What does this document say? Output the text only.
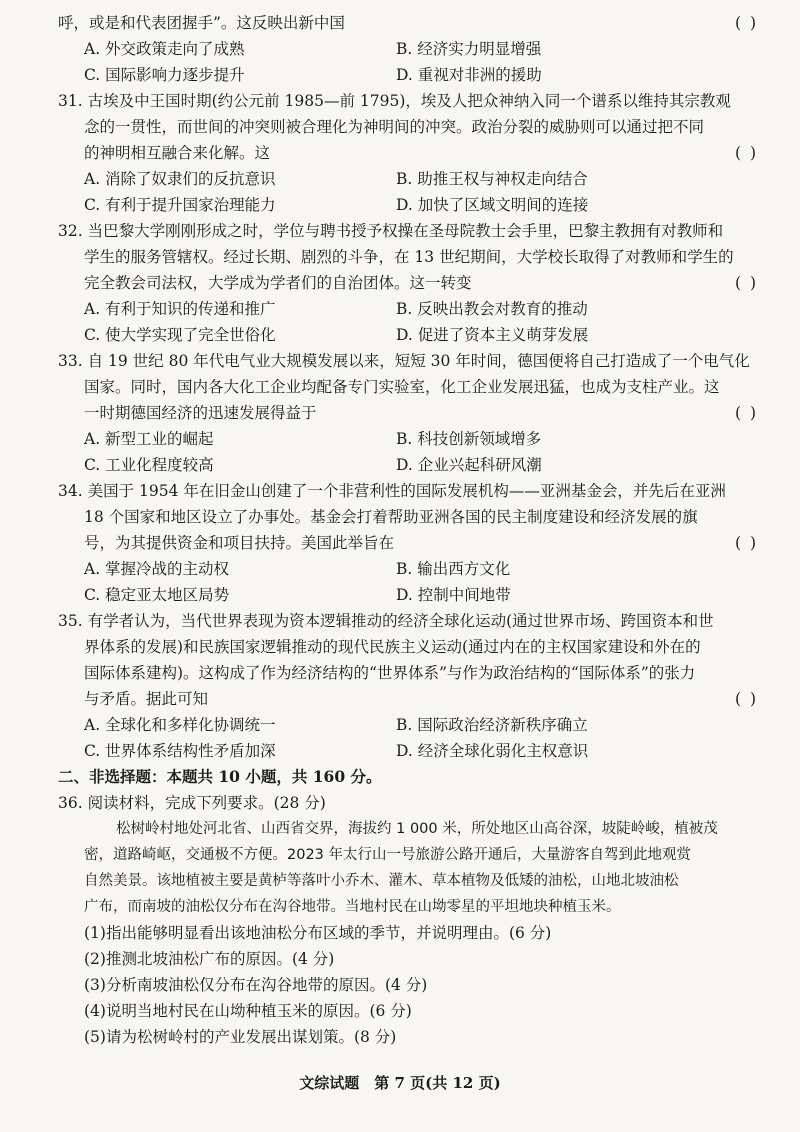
呼，或是和代表团握手”。这反映出新中国	( )
A. 外交政策走向了成熟	B. 经济实力明显增强
C. 国际影响力逐步提升	D. 重视对非洲的援助
31. 古埃及中王国时期(约公元前 1985—前 1795)，埃及人把众神纳入同一个谱系以维持其宗教观
念的一贯性，而世间的冲突则被合理化为神明间的冲突。政治分裂的威胁则可以通过把不同
的神明相互融合来化解。这	( )
A. 消除了奴隶们的反抗意识	B. 助推王权与神权走向结合
C. 有利于提升国家治理能力	D. 加快了区域文明间的连接
32. 当巴黎大学刚刚形成之时，学位与聘书授予权操在圣母院教士会手里，巴黎主教拥有对教师和
学生的服务管辖权。经过长期、剧烈的斗争，在 13 世纪期间，大学校长取得了对教师和学生的
完全教会司法权，大学成为学者们的自治团体。这一转变	( )
A. 有利于知识的传递和推广	B. 反映出教会对教育的推动
C. 使大学实现了完全世俗化	D. 促进了资本主义萌芽发展
33. 自 19 世纪 80 年代电气业大规模发展以来，短短 30 年时间，德国便将自己打造成了一个电气化
国家。同时，国内各大化工企业均配备专门实验室，化工企业发展迅猛，也成为支柱产业。这
一时期德国经济的迅速发展得益于	( )
A. 新型工业的崛起	B. 科技创新领域增多
C. 工业化程度较高	D. 企业兴起科研风潮
34. 美国于 1954 年在旧金山创建了一个非营利性的国际发展机构——亚洲基金会，并先后在亚洲
18 个国家和地区设立了办事处。基金会打着帮助亚洲各国的民主制度建设和经济发展的旗
号，为其提供资金和项目扶持。美国此举旨在	( )
A. 掌握冷战的主动权	B. 输出西方文化
C. 稳定亚太地区局势	D. 控制中间地带
35. 有学者认为，当代世界表现为资本逻辑推动的经济全球化运动(通过世界市场、跨国资本和世
界体系的发展)和民族国家逻辑推动的现代民族主义运动(通过内在的主权国家建设和外在的
国际体系建构)。这构成了作为经济结构的“世界体系”与作为政治结构的“国际体系”的张力
与矛盾。据此可知	( )
A. 全球化和多样化协调统一	B. 国际政治经济新秩序确立
C. 世界体系结构性矛盾加深	D. 经济全球化弱化主权意识
二、非选择题：本题共 10 小题，共 160 分。
36. 阅读材料，完成下列要求。(28 分)
松树岭村地处河北省、山西省交界，海拔约 1 000 米，所处地区山高谷深，坡陡岭峻，植被茂
密，道路崎岖，交通极不方便。2023 年太行山一号旅游公路开通后，大量游客自驾到此地观赏
自然美景。该地植被主要是黄栌等落叶小乔木、灌木、草本植物及低矮的油松，山地北坡油松
广布，而南坡的油松仅分布在沟谷地带。当地村民在山坳零星的平坦地块种植玉米。
(1)指出能够明显看出该地油松分布区域的季节，并说明理由。(6 分)
(2)推测北坡油松广布的原因。(4 分)
(3)分析南坡油松仅分布在沟谷地带的原因。(4 分)
(4)说明当地村民在山坳种植玉米的原因。(6 分)
(5)请为松树岭村的产业发展出谋划策。(8 分)
文综试题　第 7 页(共 12 页)
